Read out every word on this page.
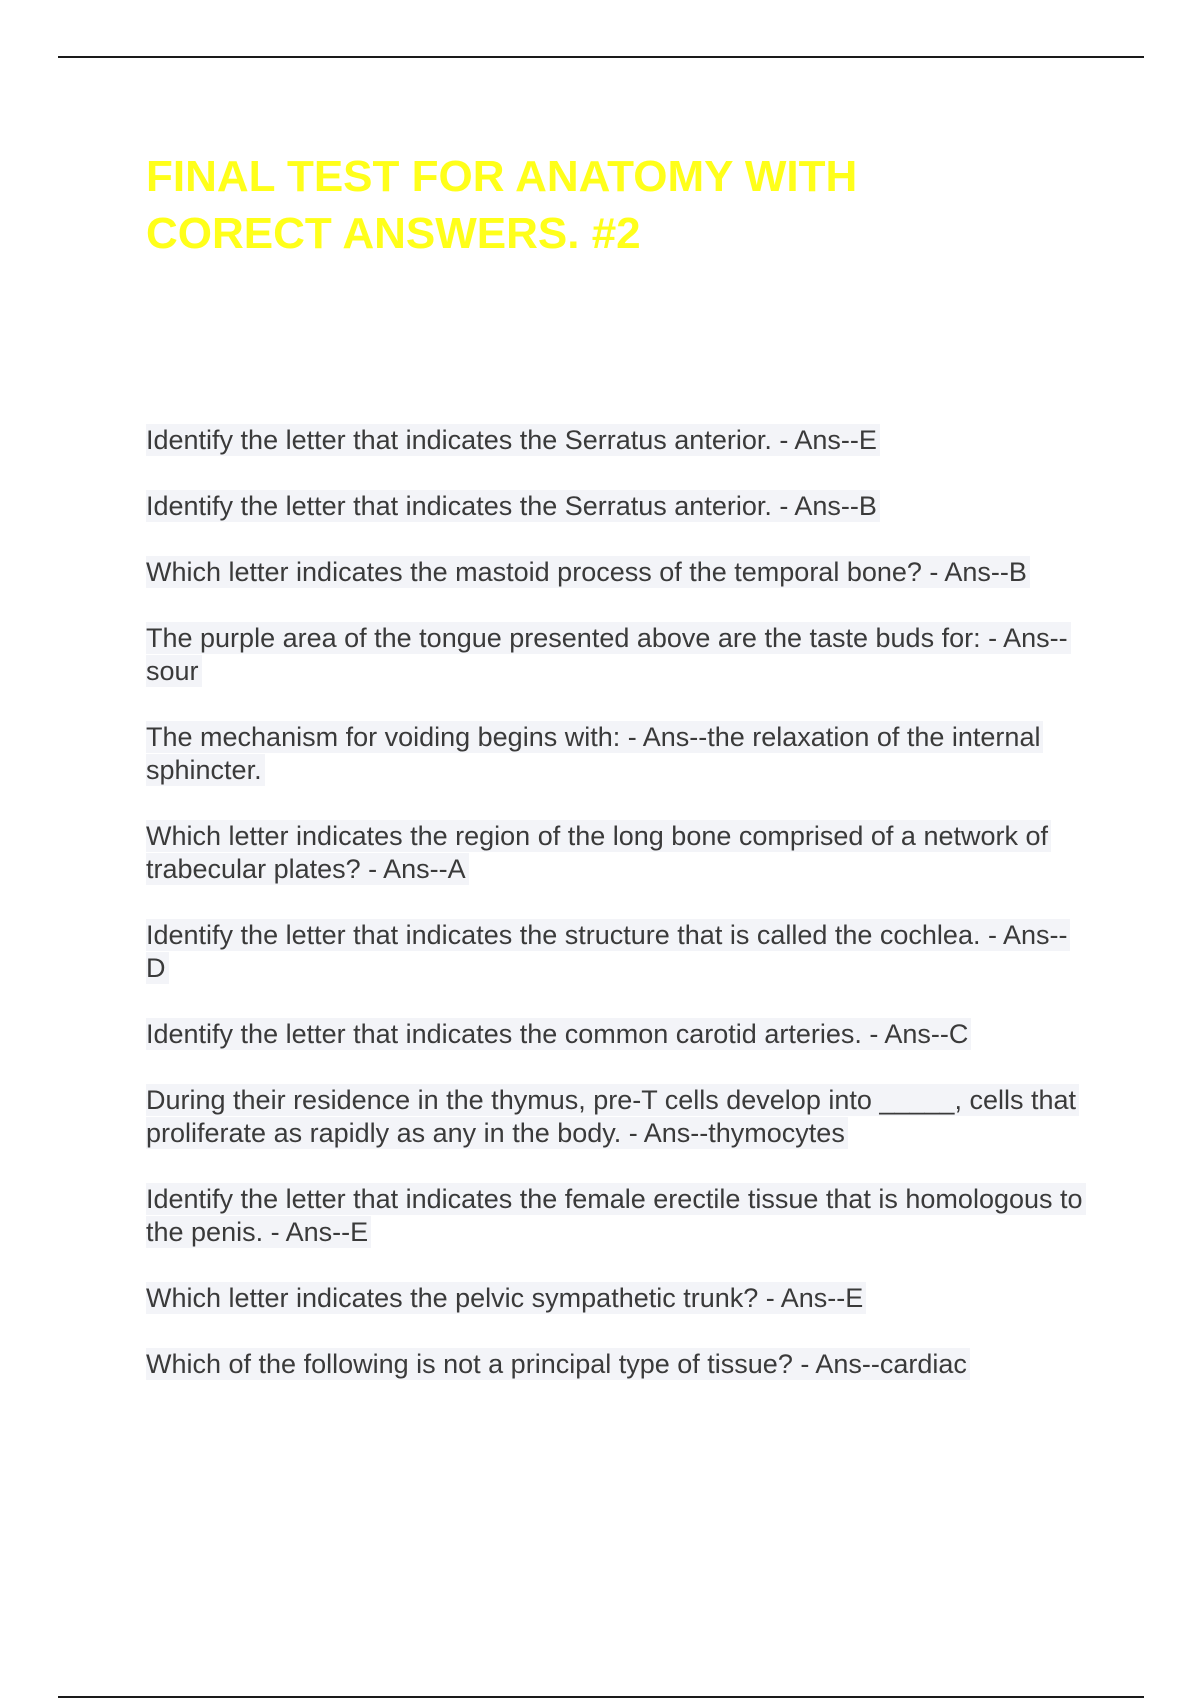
FINAL TEST FOR ANATOMY WITH CORECT ANSWERS. #2
Identify the letter that indicates the Serratus anterior. - Ans--E
Identify the letter that indicates the Serratus anterior. - Ans--B
Which letter indicates the mastoid process of the temporal bone? - Ans--B
The purple area of the tongue presented above are the taste buds for: - Ans--sour
The mechanism for voiding begins with: - Ans--the relaxation of the internal sphincter.
Which letter indicates the region of the long bone comprised of a network of trabecular plates? - Ans--A
Identify the letter that indicates the structure that is called the cochlea. - Ans--D
Identify the letter that indicates the common carotid arteries. - Ans--C
During their residence in the thymus, pre-T cells develop into _____, cells that proliferate as rapidly as any in the body. - Ans--thymocytes
Identify the letter that indicates the female erectile tissue that is homologous to the penis. - Ans--E
Which letter indicates the pelvic sympathetic trunk? - Ans--E
Which of the following is not a principal type of tissue? - Ans--cardiac
